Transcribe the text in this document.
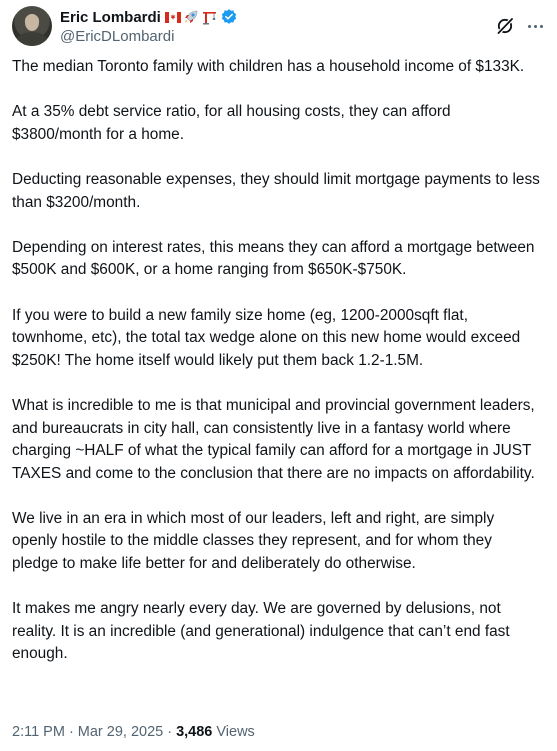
Eric Lombardi
@EricDLombardi

The median Toronto family with children has a household income of $133K.

At a 35% debt service ratio, for all housing costs, they can afford $3800/month for a home.

Deducting reasonable expenses, they should limit mortgage payments to less than $3200/month.

Depending on interest rates, this means they can afford a mortgage between $500K and $600K, or a home ranging from $650K-$750K.

If you were to build a new family size home (eg, 1200-2000sqft flat, townhome, etc), the total tax wedge alone on this new home would exceed $250K! The home itself would likely put them back 1.2-1.5M.

What is incredible to me is that municipal and provincial government leaders, and bureaucrats in city hall, can consistently live in a fantasy world where charging ~HALF of what the typical family can afford for a mortgage in JUST TAXES and come to the conclusion that there are no impacts on affordability.

We live in an era in which most of our leaders, left and right, are simply openly hostile to the middle classes they represent, and for whom they pledge to make life better for and deliberately do otherwise.

It makes me angry nearly every day. We are governed by delusions, not reality. It is an incredible (and generational) indulgence that can’t end fast enough.

2:11 PM · Mar 29, 2025 · 3,486 Views
